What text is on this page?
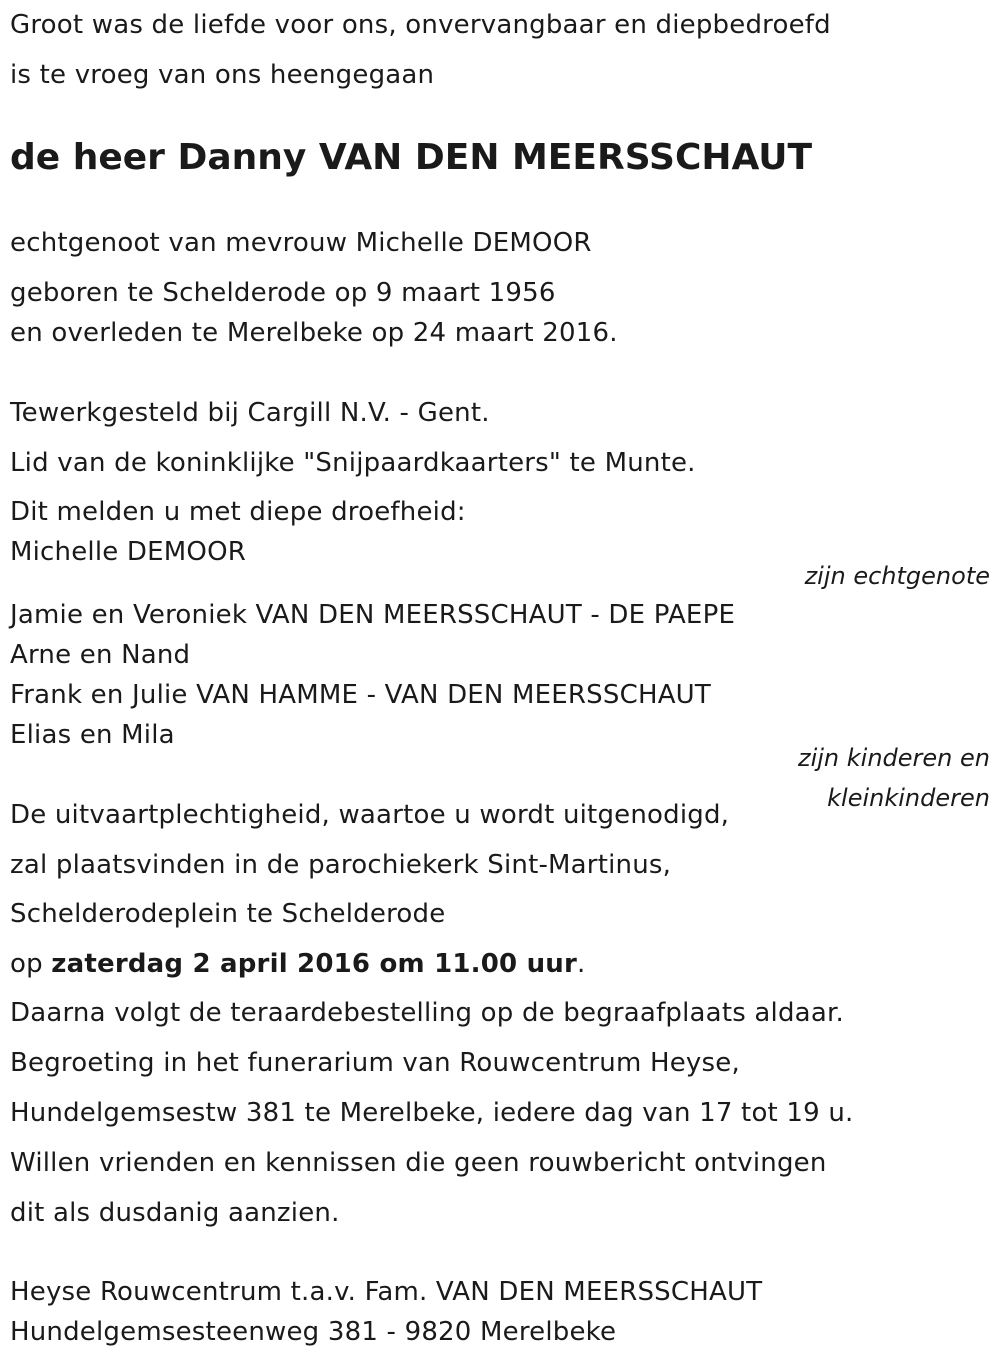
Groot was de liefde voor ons, onvervangbaar en diepbedroefd
is te vroeg van ons heengegaan
de heer Danny VAN DEN MEERSSCHAUT
echtgenoot van mevrouw Michelle DEMOOR
geboren te Schelderode op 9 maart 1956
en overleden te Merelbeke op 24 maart 2016.
Tewerkgesteld bij Cargill N.V. - Gent.
Lid van de koninklijke "Snijpaardkaarters" te Munte.
Dit melden u met diepe droefheid:
Michelle DEMOOR
zijn echtgenote
Jamie en Veroniek VAN DEN MEERSSCHAUT - DE PAEPE
Arne en Nand
Frank en Julie VAN HAMME - VAN DEN MEERSSCHAUT
Elias en Mila
zijn kinderen en
kleinkinderen
De uitvaartplechtigheid, waartoe u wordt uitgenodigd,
zal plaatsvinden in de parochiekerk Sint-Martinus,
Schelderodeplein te Schelderode
op zaterdag 2 april 2016 om 11.00 uur.
Daarna volgt de teraardebestelling op de begraafplaats aldaar.
Begroeting in het funerarium van Rouwcentrum Heyse,
Hundelgemsestw 381 te Merelbeke, iedere dag van 17 tot 19 u.
Willen vrienden en kennissen die geen rouwbericht ontvingen
dit als dusdanig aanzien.
Heyse Rouwcentrum t.a.v. Fam. VAN DEN MEERSSCHAUT
Hundelgemsesteenweg 381 - 9820 Merelbeke
